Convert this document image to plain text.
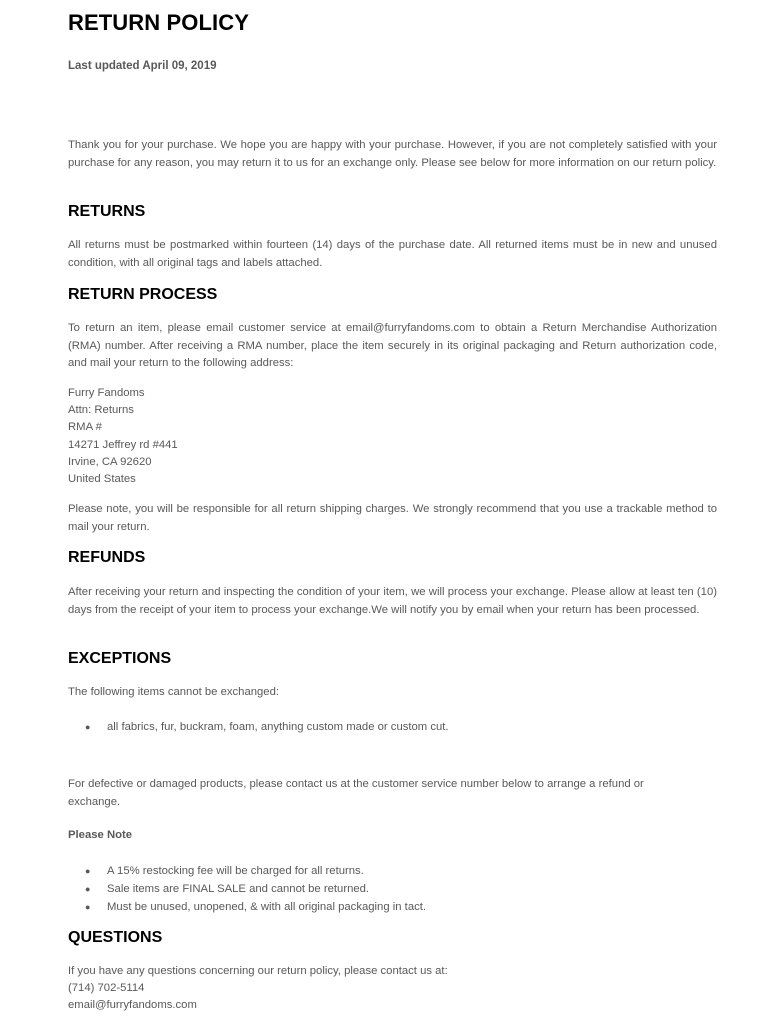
RETURN POLICY

Last updated April 09, 2019

Thank you for your purchase. We hope you are happy with your purchase. However, if you are not completely satisfied with your purchase for any reason, you may return it to us for an exchange only. Please see below for more information on our return policy.

RETURNS

All returns must be postmarked within fourteen (14) days of the purchase date. All returned items must be in new and unused condition, with all original tags and labels attached.

RETURN PROCESS

To return an item, please email customer service at email@furryfandoms.com to obtain a Return Merchandise Authorization (RMA) number. After receiving a RMA number, place the item securely in its original packaging and Return authorization code, and mail your return to the following address:

Furry Fandoms
Attn: Returns
RMA #
14271 Jeffrey rd #441
Irvine, CA 92620
United States

Please note, you will be responsible for all return shipping charges. We strongly recommend that you use a trackable method to mail your return.

REFUNDS

After receiving your return and inspecting the condition of your item, we will process your exchange. Please allow at least ten (10) days from the receipt of your item to process your exchange.We will notify you by email when your return has been processed.

EXCEPTIONS

The following items cannot be exchanged:

● all fabrics, fur, buckram, foam, anything custom made or custom cut.

For defective or damaged products, please contact us at the customer service number below to arrange a refund or exchange.

Please Note

● A 15% restocking fee will be charged for all returns.
● Sale items are FINAL SALE and cannot be returned.
● Must be unused, unopened, & with all original packaging in tact.
QUESTIONS
If you have any questions concerning our return policy, please contact us at:
(714) 702-5114
email@furryfandoms.com
